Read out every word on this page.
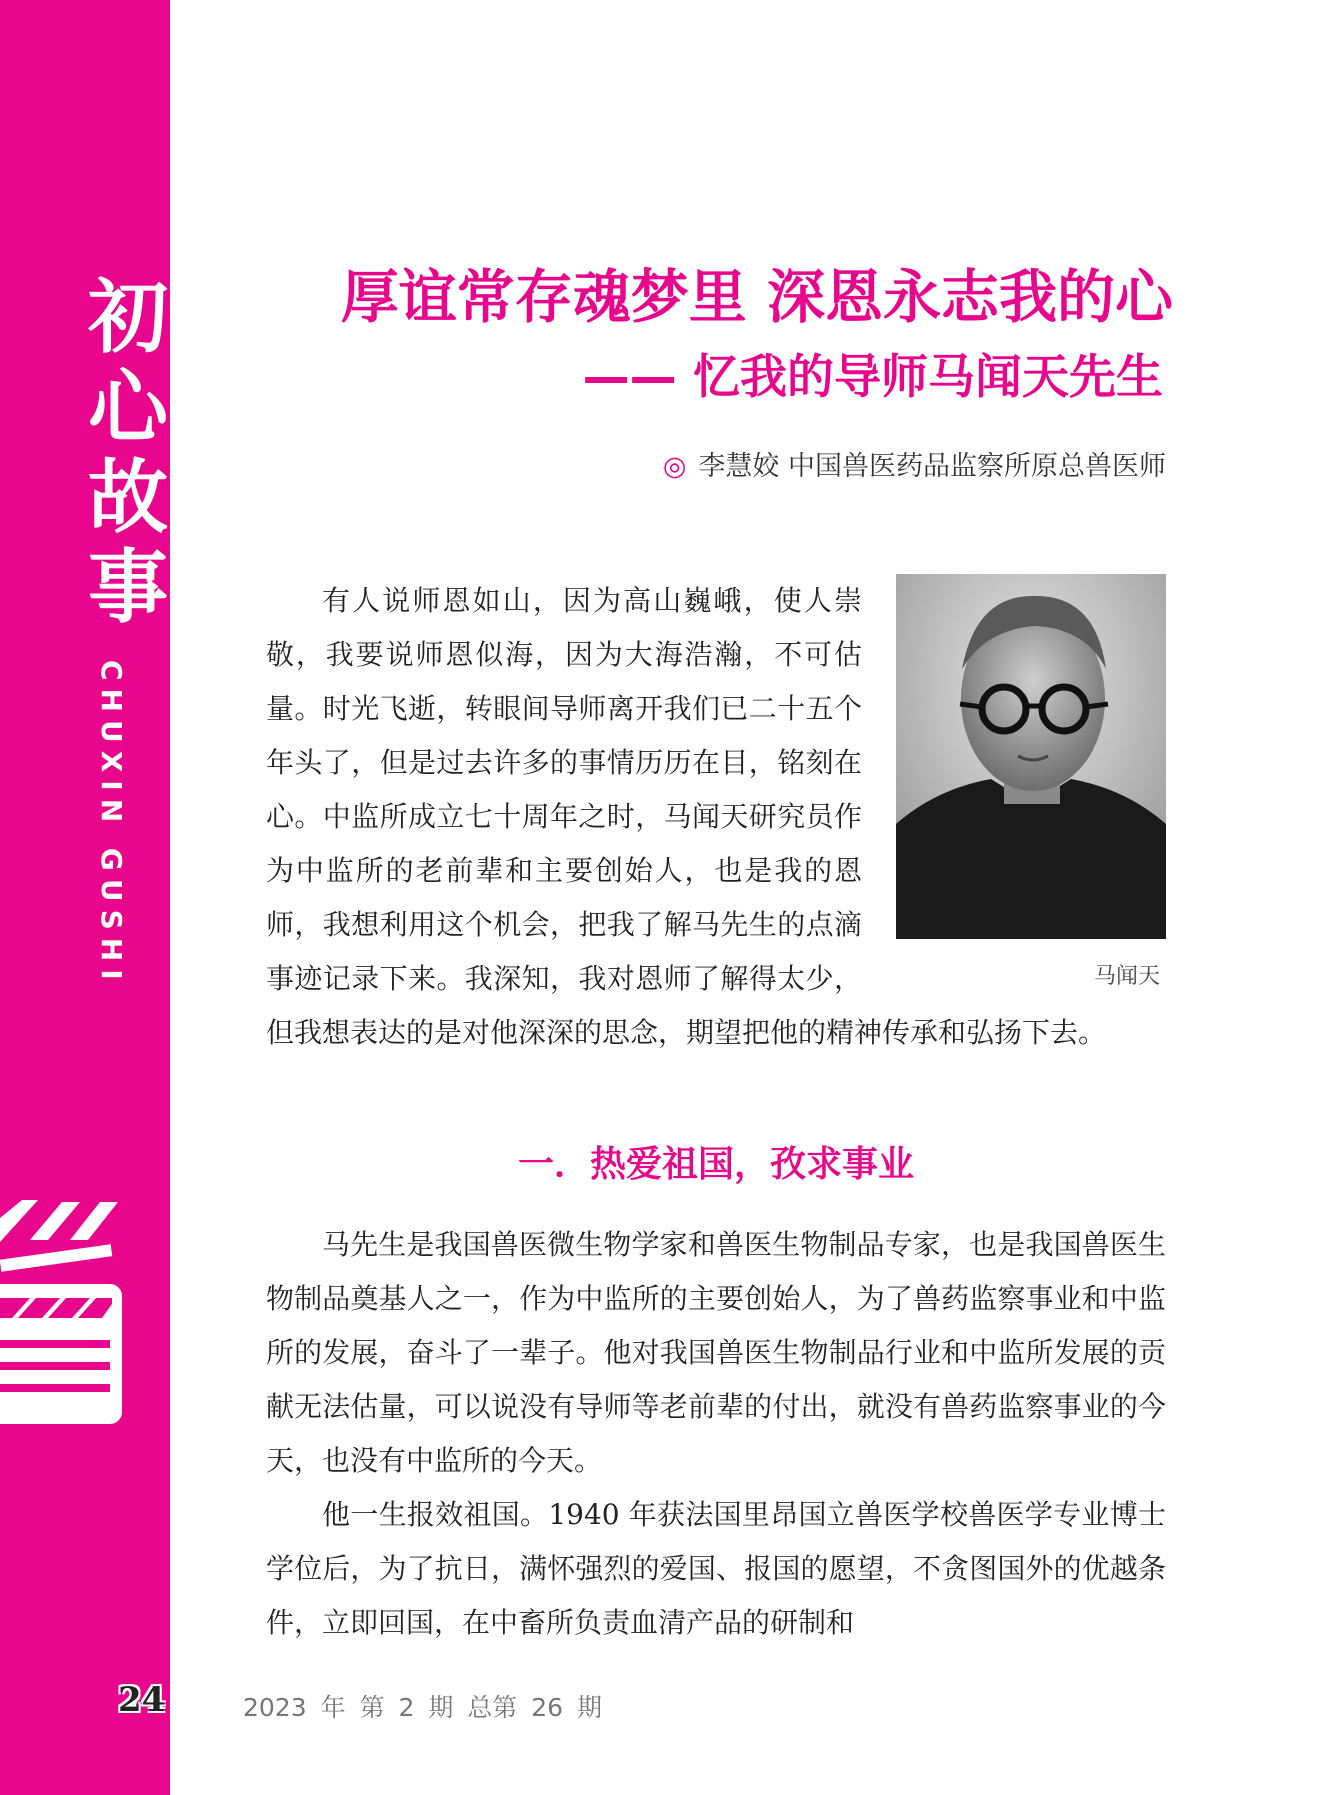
初
心
故
事
CHUXIN GUSHI
厚谊常存魂梦里 深恩永志我的心
—— 忆我的导师马闻天先生
◎ 李慧姣 中国兽医药品监察所原总兽医师
马闻天

有人说师恩如山，因为高山巍峨，使人崇敬，我要说师恩似海，因为大海浩瀚，不可估量。时光飞逝，转眼间导师离开我们已二十五个年头了，但是过去许多的事情历历在目，铭刻在心。中监所成立七十周年之时，马闻天研究员作为中监所的老前辈和主要创始人，也是我的恩师，我想利用这个机会，把我了解马先生的点滴事迹记录下来。我深知，我对恩师了解得太少，但我想表达的是对他深深的思念，期望把他的精神传承和弘扬下去。

一．热爱祖国，孜求事业

马先生是我国兽医微生物学家和兽医生物制品专家，也是我国兽医生物制品奠基人之一，作为中监所的主要创始人，为了兽药监察事业和中监所的发展，奋斗了一辈子。他对我国兽医生物制品行业和中监所发展的贡献无法估量，可以说没有导师等老前辈的付出，就没有兽药监察事业的今天，也没有中监所的今天。

他一生报效祖国。1940 年获法国里昂国立兽医学校兽医学专业博士学位后，为了抗日，满怀强烈的爱国、报国的愿望，不贪图国外的优越条件，立即回国，在中畜所负责血清产品的研制和

24	2023 年 第 2 期 总第 26 期
